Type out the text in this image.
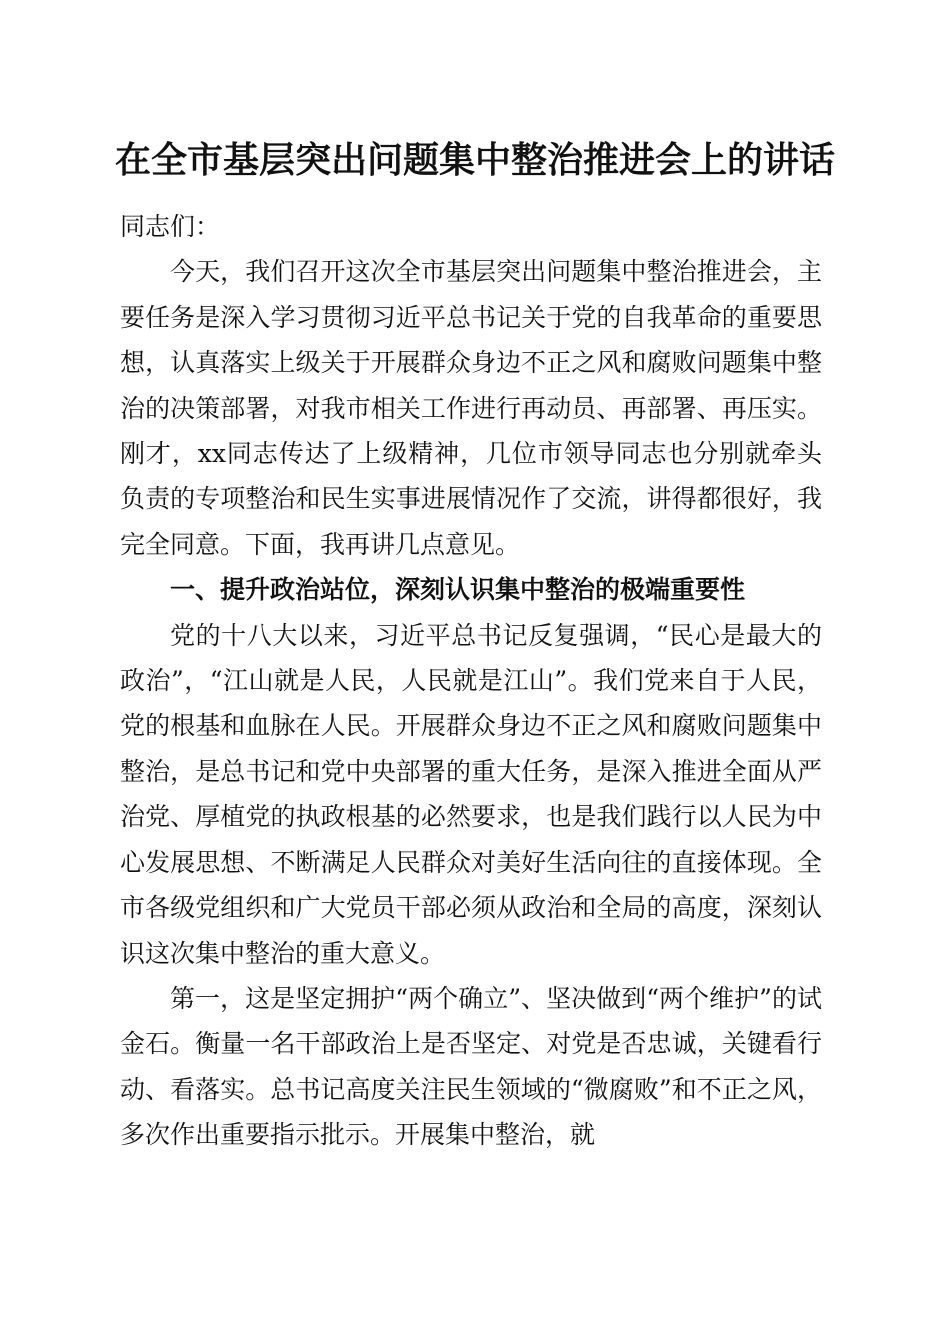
在全市基层突出问题集中整治推进会上的讲话

同志们：

今天，我们召开这次全市基层突出问题集中整治推进会，主要任务是深入学习贯彻习近平总书记关于党的自我革命的重要思想，认真落实上级关于开展群众身边不正之风和腐败问题集中整治的决策部署，对我市相关工作进行再动员、再部署、再压实。刚才，xx同志传达了上级精神，几位市领导同志也分别就牵头负责的专项整治和民生实事进展情况作了交流，讲得都很好，我完全同意。下面，我再讲几点意见。

一、提升政治站位，深刻认识集中整治的极端重要性

党的十八大以来，习近平总书记反复强调，“民心是最大的政治”，“江山就是人民，人民就是江山”。我们党来自于人民，党的根基和血脉在人民。开展群众身边不正之风和腐败问题集中整治，是总书记和党中央部署的重大任务，是深入推进全面从严治党、厚植党的执政根基的必然要求，也是我们践行以人民为中心发展思想、不断满足人民群众对美好生活向往的直接体现。全市各级党组织和广大党员干部必须从政治和全局的高度，深刻认识这次集中整治的重大意义。

第一，这是坚定拥护“两个确立”、坚决做到“两个维护”的试金石。衡量一名干部政治上是否坚定、对党是否忠诚，关键看行动、看落实。总书记高度关注民生领域的“微腐败”和不正之风，多次作出重要指示批示。开展集中整治，就
